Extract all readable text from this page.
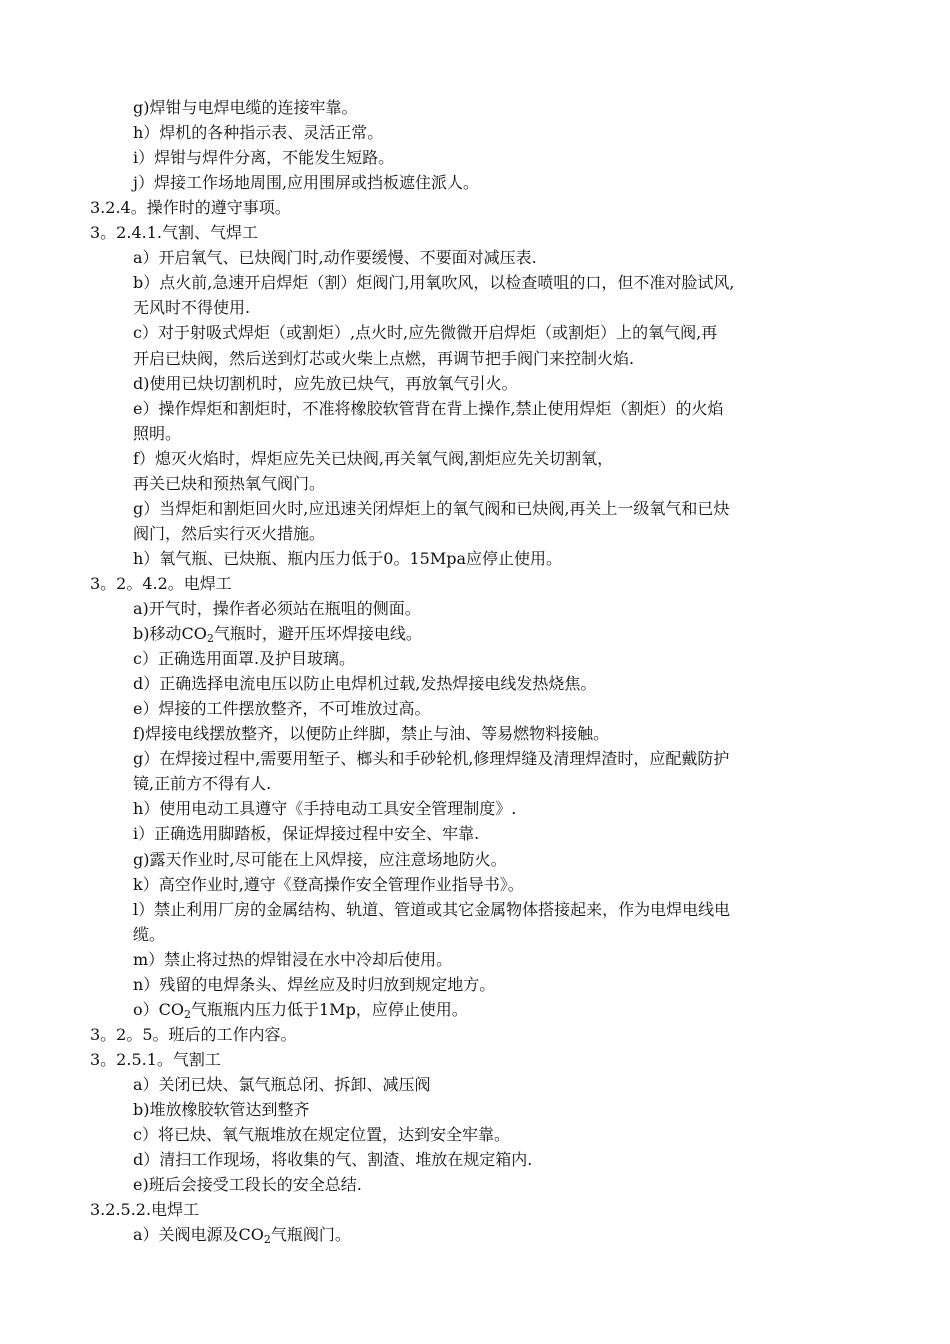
g)焊钳与电焊电缆的连接牢靠。
h）焊机的各种指示表、灵活正常。
i）焊钳与焊件分离，不能发生短路。
j）焊接工作场地周围,应用围屏或挡板遮住派人。
3.2.4。操作时的遵守事项。
3。2.4.1.气割、气焊工
a）开启氧气、已炔阀门时,动作要缓慢、不要面对减压表.
b）点火前,急速开启焊炬（割）炬阀门,用氧吹风，以检查喷咀的口，但不准对脸试风,
无风时不得使用.
c）对于射吸式焊炬（或割炬）,点火时,应先微微开启焊炬（或割炬）上的氧气阀,再
开启已炔阀，然后送到灯芯或火柴上点燃，再调节把手阀门来控制火焰.
d)使用已炔切割机时，应先放已炔气，再放氧气引火。
e）操作焊炬和割炬时，不准将橡胶软管背在背上操作,禁止使用焊炬（割炬）的火焰
照明。
f）熄灭火焰时，焊炬应先关已炔阀,再关氧气阀,割炬应先关切割氧，
再关已炔和预热氧气阀门。
g）当焊炬和割炬回火时,应迅速关闭焊炬上的氧气阀和已炔阀,再关上一级氧气和已炔
阀门，然后实行灭火措施。
h）氧气瓶、已炔瓶、瓶内压力低于0。15Mpa应停止使用。
3。2。4.2。电焊工
a)开气时，操作者必须站在瓶咀的侧面。
b)移动$CO_2$气瓶时，避开压坏焊接电线。
c）正确选用面罩.及护目玻璃。
d）正确选择电流电压以防止电焊机过载,发热焊接电线发热烧焦。
e）焊接的工件摆放整齐，不可堆放过高。
f)焊接电线摆放整齐，以便防止绊脚，禁止与油、等易燃物料接触。
g）在焊接过程中,需要用堑子、榔头和手砂轮机,修理焊缝及清理焊渣时，应配戴防护
镜,正前方不得有人.
h）使用电动工具遵守《手持电动工具安全管理制度》.
i）正确选用脚踏板，保证焊接过程中安全、牢靠.
g)露天作业时,尽可能在上风焊接，应注意场地防火。
k）高空作业时,遵守《登高操作安全管理作业指导书》。
l）禁止利用厂房的金属结构、轨道、管道或其它金属物体搭接起来，作为电焊电线电
缆。
m）禁止将过热的焊钳浸在水中冷却后使用。
n）残留的电焊条头、焊丝应及时归放到规定地方。
$o)CO_2$气瓶瓶内压力低于1Mp，应停止使用。
3。2。5。班后的工作内容。
3。2.5.1。气割工
a）关闭已炔、氯气瓶总闭、拆卸、减压阀
b)堆放橡胶软管达到整齐
c）将已炔、氧气瓶堆放在规定位置，达到安全牢靠。
d）清扫工作现场，将收集的气、割渣、堆放在规定箱内.
e)班后会接受工段长的安全总结.
3.2.5.2.电焊工
a）关阀电源及$CO_2$气瓶阀门。
